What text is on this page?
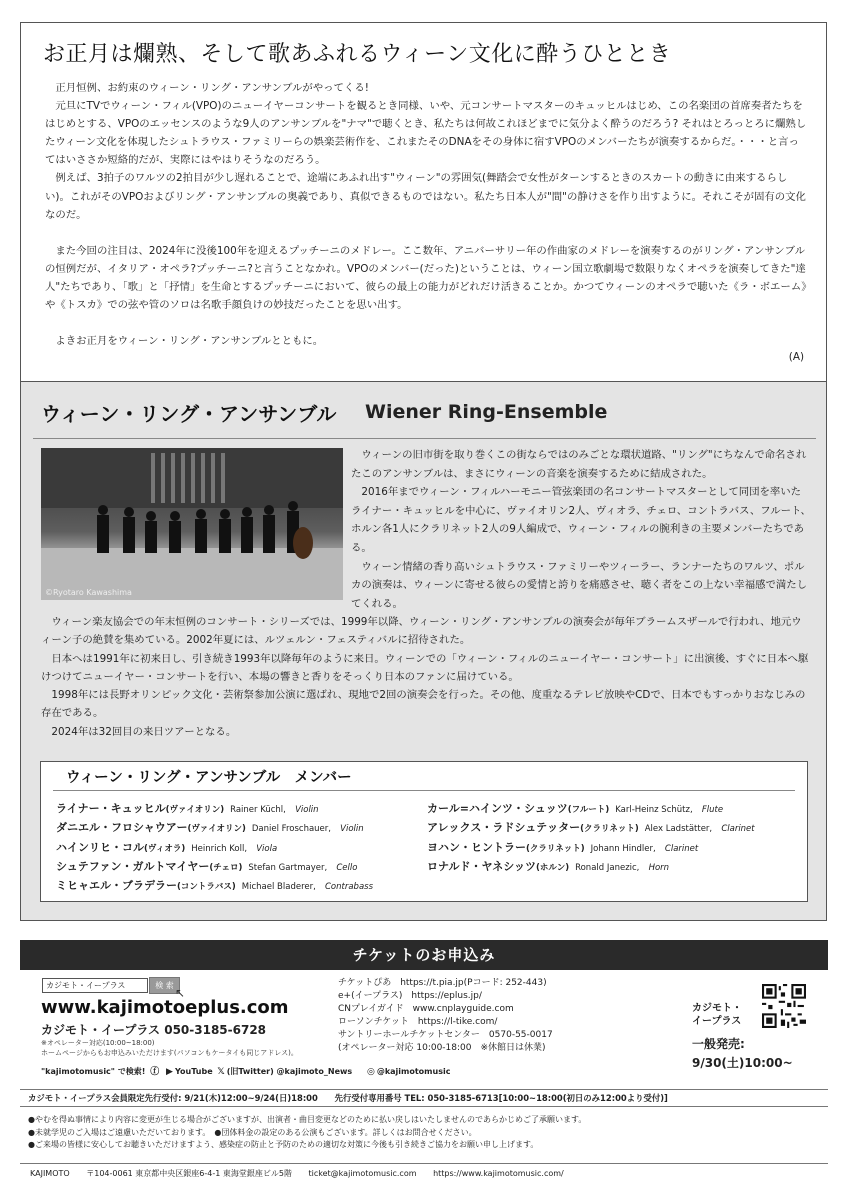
お正月は爛熟、そして歌あふれるウィーン文化に酔うひととき

正月恒例、お約束のウィーン・リング・アンサンブルがやってくる!

元旦にTVでウィーン・フィル(VPO)のニューイヤーコンサートを観るとき同様、いや、元コンサートマスターのキュッヒルはじめ、この名楽団の首席奏者たちをはじめとする、VPOのエッセンスのような9人のアンサンブルを"ナマ"で聴くとき、私たちは何故これほどまでに気分よく酔うのだろう? それはとろっとろに爛熟したウィーン文化を体現したシュトラウス・ファミリーらの娯楽芸術作を、これまたそのDNAをその身体に宿すVPOのメンバーたちが演奏するからだ。・・・と言ってはいささか短絡的だが、実際にはやはりそうなのだろう。

例えば、3拍子のワルツの2拍目が少し遅れることで、途端にあふれ出す"ウィーン"の雰囲気(舞踏会で女性がターンするときのスカートの動きに由来するらしい)。これがそのVPOおよびリング・アンサンブルの奥義であり、真似できるものではない。私たち日本人が"間"の静けさを作り出すように。それこそが固有の文化なのだ。

また今回の注目は、2024年に没後100年を迎えるプッチーニのメドレー。ここ数年、アニバーサリー年の作曲家のメドレーを演奏するのがリング・アンサンブルの恒例だが、イタリア・オペラ?プッチーニ?と言うことなかれ。VPOのメンバー(だった)ということは、ウィーン国立歌劇場で数限りなくオペラを演奏してきた"達人"たちであり、「歌」と「抒情」を生命とするプッチーニにおいて、彼らの最上の能力がどれだけ活きることか。かつてウィーンのオペラで聴いた《ラ・ボエーム》や《トスカ》での弦や管のソロは名歌手顔負けの妙技だったことを思い出す。

よきお正月をウィーン・リング・アンサンブルとともに。

(A)
ウィーン・リング・アンサンブル Wiener Ring-Ensemble
©Ryotaro Kawashima

ウィーンの旧市街を取り巻くこの街ならではのみごとな環状道路、"リング"にちなんで命名されたこのアンサンブルは、まさにウィーンの音楽を演奏するために結成された。

2016年までウィーン・フィルハーモニー管弦楽団の名コンサートマスターとして同団を率いたライナー・キュッヒルを中心に、ヴァイオリン2人、ヴィオラ、チェロ、コントラバス、フルート、ホルン各1人にクラリネット2人の9人編成で、ウィーン・フィルの腕利きの主要メンバーたちである。

ウィーン情緒の香り高いシュトラウス・ファミリーやツィーラー、ランナーたちのワルツ、ポルカの演奏は、ウィーンに寄せる彼らの愛情と誇りを痛感させ、聴く者をこの上ない幸福感で満たしてくれる。

ウィーン楽友協会での年末恒例のコンサート・シリーズでは、1999年以降、ウィーン・リング・アンサンブルの演奏会が毎年ブラームスザールで行われ、地元ウィーン子の絶賛を集めている。2002年夏には、ルツェルン・フェスティバルに招待された。

日本へは1991年に初来日し、引き続き1993年以降毎年のように来日。ウィーンでの「ウィーン・フィルのニューイヤー・コンサート」に出演後、すぐに日本へ駆けつけてニューイヤー・コンサートを行い、本場の響きと香りをそっくり日本のファンに届けている。

1998年には長野オリンピック文化・芸術祭参加公演に選ばれ、現地で2回の演奏会を行った。その他、度重なるテレビ放映やCDで、日本でもすっかりおなじみの存在である。

2024年は32回目の来日ツアーとなる。

ウィーン・リング・アンサンブル　メンバー
ライナー・キュッヒル(ヴァイオリン) Rainer Küchl, Violin
ダニエル・フロシャウアー(ヴァイオリン) Daniel Froschauer, Violin
ハインリヒ・コル(ヴィオラ) Heinrich Koll, Viola
シュテファン・ガルトマイヤー(チェロ) Stefan Gartmayer, Cello
ミヒャエル・ブラデラー(コントラバス) Michael Bladerer, Contrabass
カール=ハインツ・シュッツ(フルート) Karl-Heinz Schütz, Flute
アレックス・ラドシュテッター(クラリネット) Alex Ladstätter, Clarinet
ヨハン・ヒントラー(クラリネット) Johann Hindler, Clarinet
ロナルド・ヤネシッツ(ホルン) Ronald Janezic, Horn
チケットのお申込み
カジモト・イープラス	検 索
↖
www.kajimotoeplus.com
カジモト・イープラス 050-3185-6728
※オペレーター対応(10:00~18:00)
ホームページからもお申込みいただけます(パソコンもケータイも同じアドレス)。
"kajimotomusic" で検索! ⓕ ▶ YouTube 𝕏 (旧Twitter) @kajimoto_News ◎ @kajimotomusic
チケットぴあ　https://t.pia.jp(Pコード: 252-443)
e+(イープラス)　https://eplus.jp/
CNプレイガイド　www.cnplayguide.com
ローソンチケット　https://l-tike.com/
サントリーホールチケットセンター　0570-55-0017
(オペレーター対応 10:00-18:00　※休館日は休業)
カジモト・
イープラス
一般発売:
9/30(土)10:00~
カジモト・イープラス会員限定先行受付: 9/21(木)12:00~9/24(日)18:00　　先行受付専用番号 TEL: 050-3185-6713[10:00~18:00(初日のみ12:00より受付)]
●やむを得ぬ事情により内容に変更が生じる場合がございますが、出演者・曲目変更などのために払い戻しはいたしませんのであらかじめご了承願います。
●未就学児のご入場はご遠慮いただいております。　●団体料金の設定のある公演もございます。詳しくはお問合せください。
●ご来場の皆様に安心してお聴きいただけますよう、感染症の防止と予防のための適切な対策に今後も引き続きご協力をお願い申し上げます。
KAJIMOTO 〒104-0061 東京都中央区銀座6-4-1 東海堂銀座ビル5階 ticket@kajimotomusic.com https://www.kajimotomusic.com/
